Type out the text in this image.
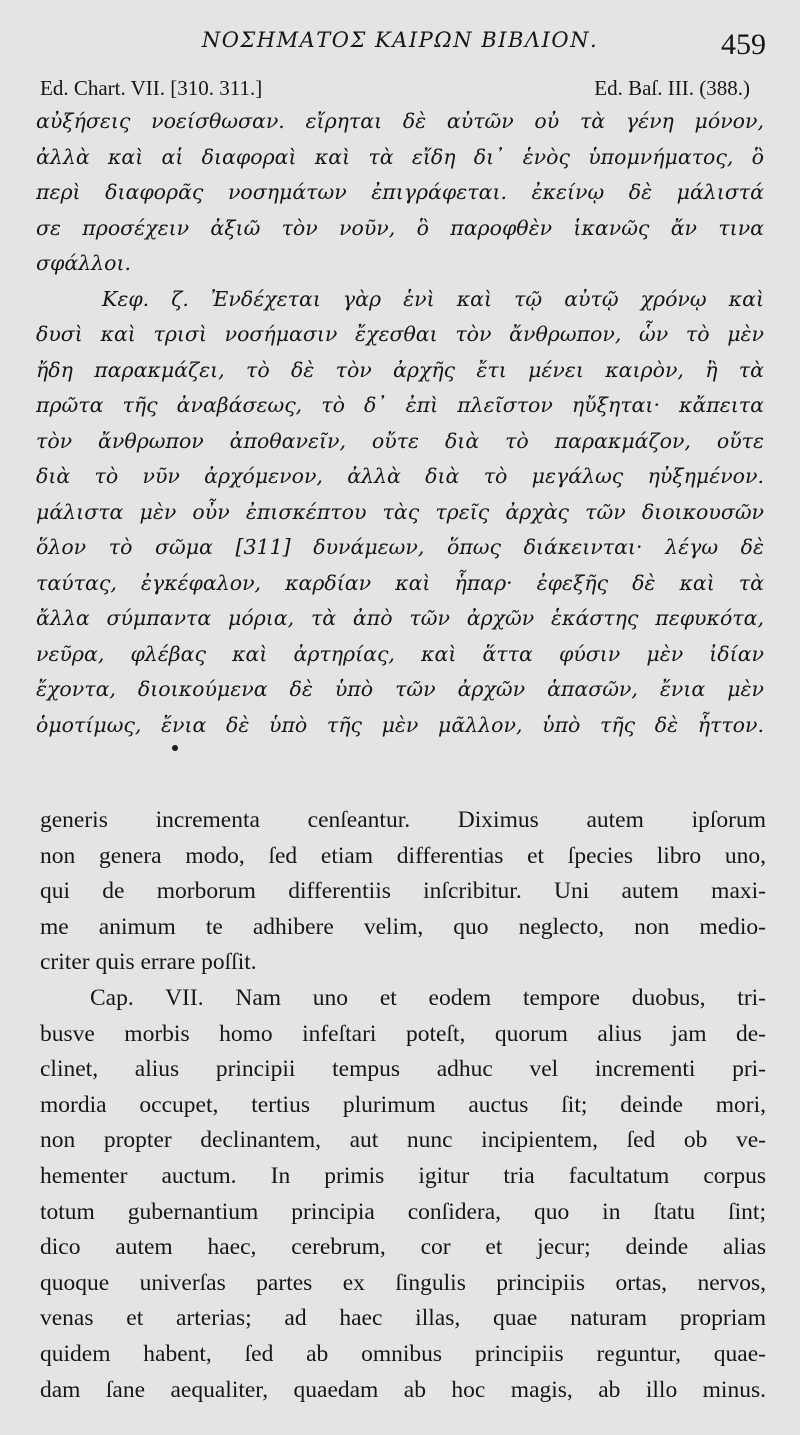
ΝΟΣΗΜΑΤΟΣ ΚΑΙΡΩΝ ΒΙΒΛΙΟΝ.	459
Ed. Chart. VII. [310. 311.]	Ed. Baſ. III. (388.)
αὐξήσεις νοείσθωσαν. εἴρηται δὲ αὐτῶν οὐ τὰ γένη μόνον,
ἀλλὰ καὶ αἱ διαφοραὶ καὶ τὰ εἴδη δι᾽ ἑνὸς ὑπομνήματος, ὃ
περὶ διαφορᾶς νοσημάτων ἐπιγράφεται. ἐκείνῳ δὲ μάλιστά
σε προσέχειν ἀξιῶ τὸν νοῦν, ὃ παροφθὲν ἱκανῶς ἄν τινα
σφάλλοι.
Κεφ. ζ. Ἐνδέχεται γὰρ ἑνὶ καὶ τῷ αὐτῷ χρόνῳ καὶ
δυσὶ καὶ τρισὶ νοσήμασιν ἔχεσθαι τὸν ἄνθρωπον, ὧν τὸ μὲν
ἤδη παρακμάζει, τὸ δὲ τὸν ἀρχῆς ἔτι μένει καιρὸν, ἢ τὰ
πρῶτα τῆς ἀναβάσεως, τὸ δ᾽ ἐπὶ πλεῖστον ηὔξηται· κἄπειτα
τὸν ἄνθρωπον ἀποθανεῖν, οὔτε διὰ τὸ παρακμάζον, οὔτε
διὰ τὸ νῦν ἀρχόμενον, ἀλλὰ διὰ τὸ μεγάλως ηὐξημένον.
μάλιστα μὲν οὖν ἐπισκέπτου τὰς τρεῖς ἀρχὰς τῶν διοικουσῶν
ὅλον τὸ σῶμα [311] δυνάμεων, ὅπως διάκεινται· λέγω δὲ
ταύτας, ἐγκέφαλον, καρδίαν καὶ ἧπαρ· ἐφεξῆς δὲ καὶ τὰ
ἄλλα σύμπαντα μόρια, τὰ ἀπὸ τῶν ἀρχῶν ἑκάστης πεφυκότα,
νεῦρα, φλέβας καὶ ἀρτηρίας, καὶ ἅττα φύσιν μὲν ἰδίαν
ἔχοντα, διοικούμενα δὲ ὑπὸ τῶν ἀρχῶν ἁπασῶν, ἔνια μὲν
ὁμοτίμως, ἔνια δὲ ὑπὸ τῆς μὲν μᾶλλον, ὑπὸ τῆς δὲ ἧττον.
generis incrementa cenſeantur. Diximus autem ipſorum
non genera modo, ſed etiam differentias et ſpecies libro uno,
qui de morborum differentiis inſcribitur. Uni autem maxi-
me animum te adhibere velim, quo neglecto, non medio-
criter quis errare poſſit.
Cap. VII. Nam uno et eodem tempore duobus, tri-
busve morbis homo infeſtari poteſt, quorum alius jam de-
clinet, alius principii tempus adhuc vel incrementi pri-
mordia occupet, tertius plurimum auctus ſit; deinde mori,
non propter declinantem, aut nunc incipientem, ſed ob ve-
hementer auctum. In primis igitur tria facultatum corpus
totum gubernantium principia conſidera, quo in ſtatu ſint;
dico autem haec, cerebrum, cor et jecur; deinde alias
quoque univerſas partes ex ſingulis principiis ortas, nervos,
venas et arterias; ad haec illas, quae naturam propriam
quidem habent, ſed ab omnibus principiis reguntur, quae-
dam ſane aequaliter, quaedam ab hoc magis, ab illo minus.
